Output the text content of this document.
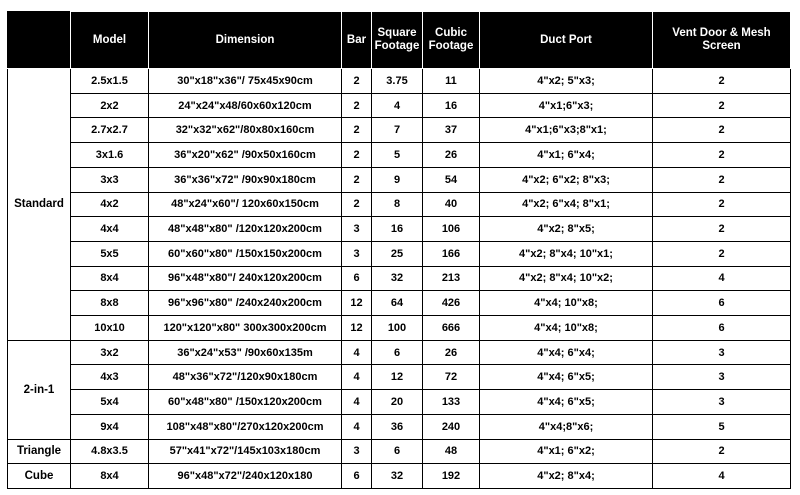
	Model	Dimension	Bar	Square Footage	Cubic Footage	Duct Port	Vent Door & Mesh Screen
Standard	2.5x1.5	30"x18"x36"/ 75x45x90cm	2	3.75	11	4"x2; 5"x3;	2
	2x2	24"x24"x48/60x60x120cm	2	4	16	4"x1;6"x3;	2
	2.7x2.7	32"x32"x62"/80x80x160cm	2	7	37	4"x1;6"x3;8"x1;	2
	3x1.6	36"x20"x62" /90x50x160cm	2	5	26	4"x1; 6"x4;	2
	3x3	36"x36"x72" /90x90x180cm	2	9	54	4"x2; 6"x2; 8"x3;	2
	4x2	48"x24"x60"/ 120x60x150cm	2	8	40	4"x2; 6"x4; 8"x1;	2
	4x4	48"x48"x80" /120x120x200cm	3	16	106	4"x2; 8"x5;	2
	5x5	60"x60"x80" /150x150x200cm	3	25	166	4"x2; 8"x4; 10"x1;	2
	8x4	96"x48"x80"/ 240x120x200cm	6	32	213	4"x2; 8"x4; 10"x2;	4
	8x8	96"x96"x80" /240x240x200cm	12	64	426	4"x4; 10"x8;	6
	10x10	120"x120"x80" 300x300x200cm	12	100	666	4"x4; 10"x8;	6
2-in-1	3x2	36"x24"x53" /90x60x135m	4	6	26	4"x4; 6"x4;	3
	4x3	48"x36"x72"/120x90x180cm	4	12	72	4"x4; 6"x5;	3
	5x4	60"x48"x80" /150x120x200cm	4	20	133	4"x4; 6"x5;	3
	9x4	108"x48"x80"/270x120x200cm	4	36	240	4"x4;8"x6;	5
Triangle	4.8x3.5	57"x41"x72"/145x103x180cm	3	6	48	4"x1; 6"x2;	2
Cube	8x4	96"x48"x72"/240x120x180	6	32	192	4"x2; 8"x4;	4
